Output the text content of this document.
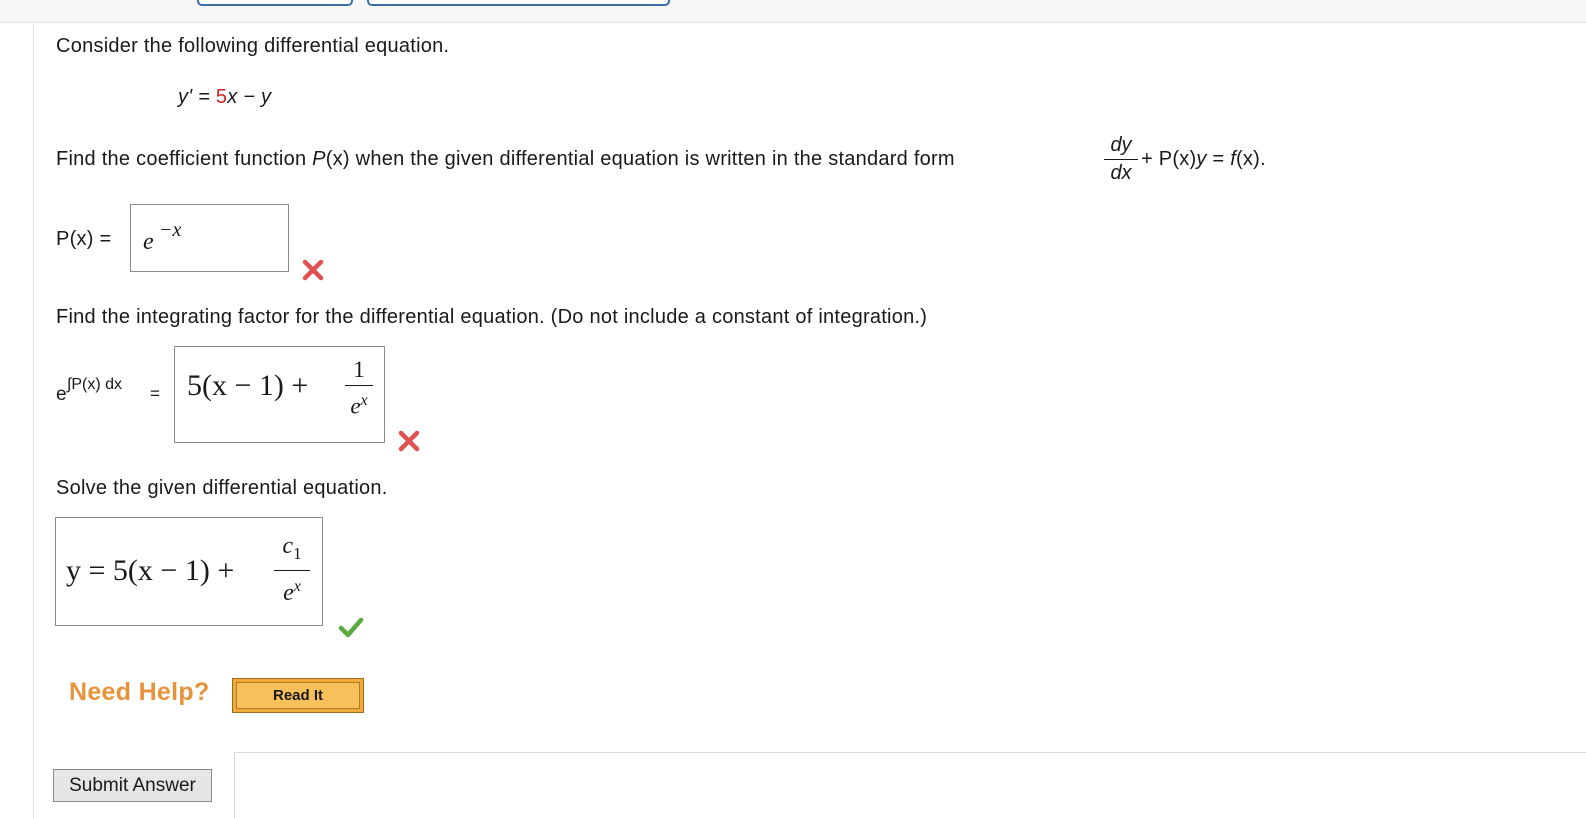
Consider the following differential equation.
y' = 5x − y
Find the coefficient function P(x) when the given differential equation is written in the standard form
dy
dx
+ P(x)y = f(x).
P(x) = e −x
Find the integrating factor for the differential equation. (Do not include a constant of integration.)
e ∫P(x) dx = 5(x − 1) +	1
$e^x$
Solve the given differential equation.
y = 5(x − 1) +
$c_1$
$e^x$
Need Help?	Read It
Submit Answer
